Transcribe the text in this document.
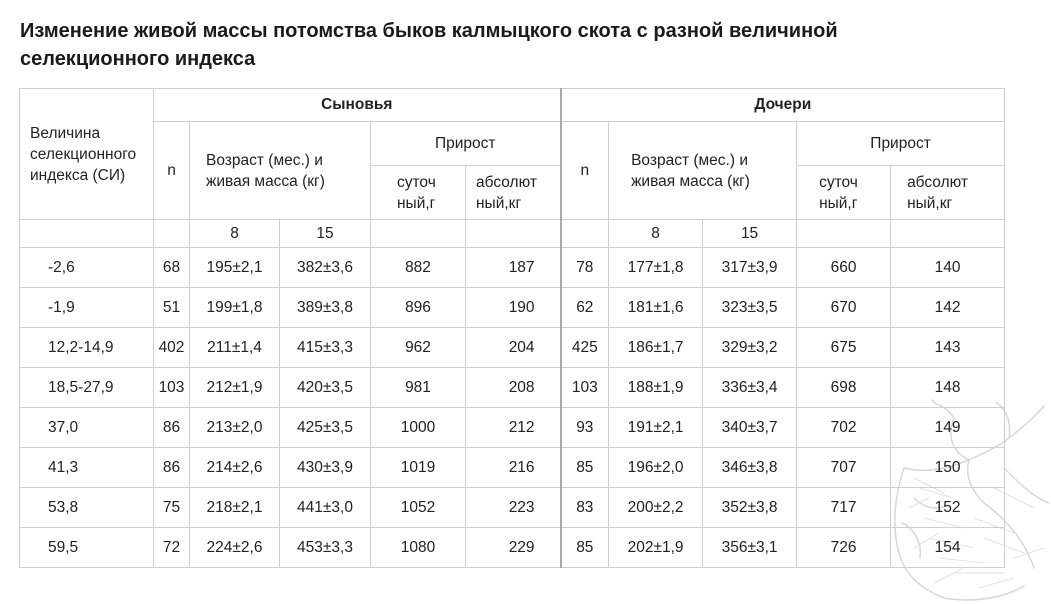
Изменение живой массы потомства быков калмыцкого скота с разной величиной селекционного индекса
Величина селекционного индекса (СИ)	Сыновья					Дочери				
	n	Возраст (мес.) и живая масса (кг)		Прирост		n	Возраст (мес.) и живая масса (кг)		Прирост	
				суточ ный,г	абсолют ный,кг				суточ ный,г	абсолют ный,кг
		8	15				8	15		
-2,6	68	195±2,1	382±3,6	882	187	78	177±1,8	317±3,9	660	140
-1,9	51	199±1,8	389±3,8	896	190	62	181±1,6	323±3,5	670	142
12,2-14,9	402	211±1,4	415±3,3	962	204	425	186±1,7	329±3,2	675	143
18,5-27,9	103	212±1,9	420±3,5	981	208	103	188±1,9	336±3,4	698	148
37,0	86	213±2,0	425±3,5	1000	212	93	191±2,1	340±3,7	702	149
41,3	86	214±2,6	430±3,9	1019	216	85	196±2,0	346±3,8	707	150
53,8	75	218±2,1	441±3,0	1052	223	83	200±2,2	352±3,8	717	152
59,5	72	224±2,6	453±3,3	1080	229	85	202±1,9	356±3,1	726	154
